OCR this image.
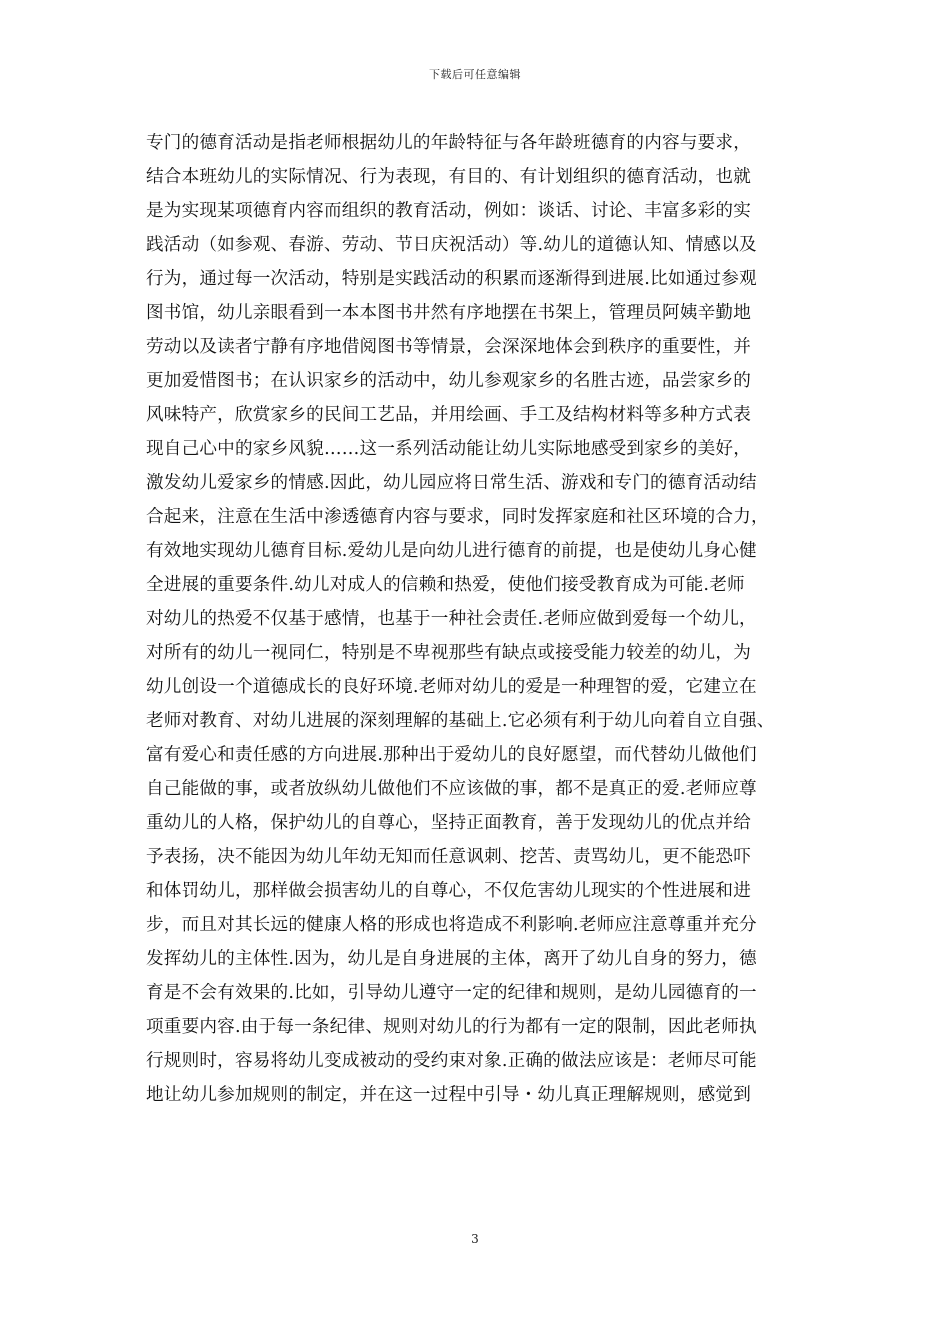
下载后可任意编辑
专门的德育活动是指老师根据幼儿的年龄特征与各年龄班德育的内容与要求，
结合本班幼儿的实际情况、行为表现，有目的、有计划组织的德育活动，也就
是为实现某项德育内容而组织的教育活动，例如：谈话、讨论、丰富多彩的实
践活动（如参观、春游、劳动、节日庆祝活动）等.幼儿的道德认知、情感以及
行为，通过每一次活动，特别是实践活动的积累而逐渐得到进展.比如通过参观
图书馆，幼儿亲眼看到一本本图书井然有序地摆在书架上，管理员阿姨辛勤地
劳动以及读者宁静有序地借阅图书等情景，会深深地体会到秩序的重要性，并
更加爱惜图书；在认识家乡的活动中，幼儿参观家乡的名胜古迹，品尝家乡的
风味特产，欣赏家乡的民间工艺品，并用绘画、手工及结构材料等多种方式表
现自己心中的家乡风貌……这一系列活动能让幼儿实际地感受到家乡的美好，
激发幼儿爱家乡的情感.因此，幼儿园应将日常生活、游戏和专门的德育活动结
合起来，注意在生活中渗透德育内容与要求，同时发挥家庭和社区环境的合力，
有效地实现幼儿德育目标.爱幼儿是向幼儿进行德育的前提，也是使幼儿身心健
全进展的重要条件.幼儿对成人的信赖和热爱，使他们接受教育成为可能.老师
对幼儿的热爱不仅基于感情，也基于一种社会责任.老师应做到爱每一个幼儿，
对所有的幼儿一视同仁，特别是不卑视那些有缺点或接受能力较差的幼儿，为
幼儿创设一个道德成长的良好环境.老师对幼儿的爱是一种理智的爱，它建立在
老师对教育、对幼儿进展的深刻理解的基础上.它必须有利于幼儿向着自立自强、
富有爱心和责任感的方向进展.那种出于爱幼儿的良好愿望，而代替幼儿做他们
自己能做的事，或者放纵幼儿做他们不应该做的事，都不是真正的爱.老师应尊
重幼儿的人格，保护幼儿的自尊心，坚持正面教育，善于发现幼儿的优点并给
予表扬，决不能因为幼儿年幼无知而任意讽刺、挖苦、责骂幼儿，更不能恐吓
和体罚幼儿，那样做会损害幼儿的自尊心，不仅危害幼儿现实的个性进展和进
步，而且对其长远的健康人格的形成也将造成不利影响.老师应注意尊重并充分
发挥幼儿的主体性.因为，幼儿是自身进展的主体，离开了幼儿自身的努力，德
育是不会有效果的.比如，引导幼儿遵守一定的纪律和规则，是幼儿园德育的一
项重要内容.由于每一条纪律、规则对幼儿的行为都有一定的限制，因此老师执
行规则时，容易将幼儿变成被动的受约束对象.正确的做法应该是：老师尽可能
地让幼儿参加规则的制定，并在这一过程中引导・幼儿真正理解规则，感觉到
3
